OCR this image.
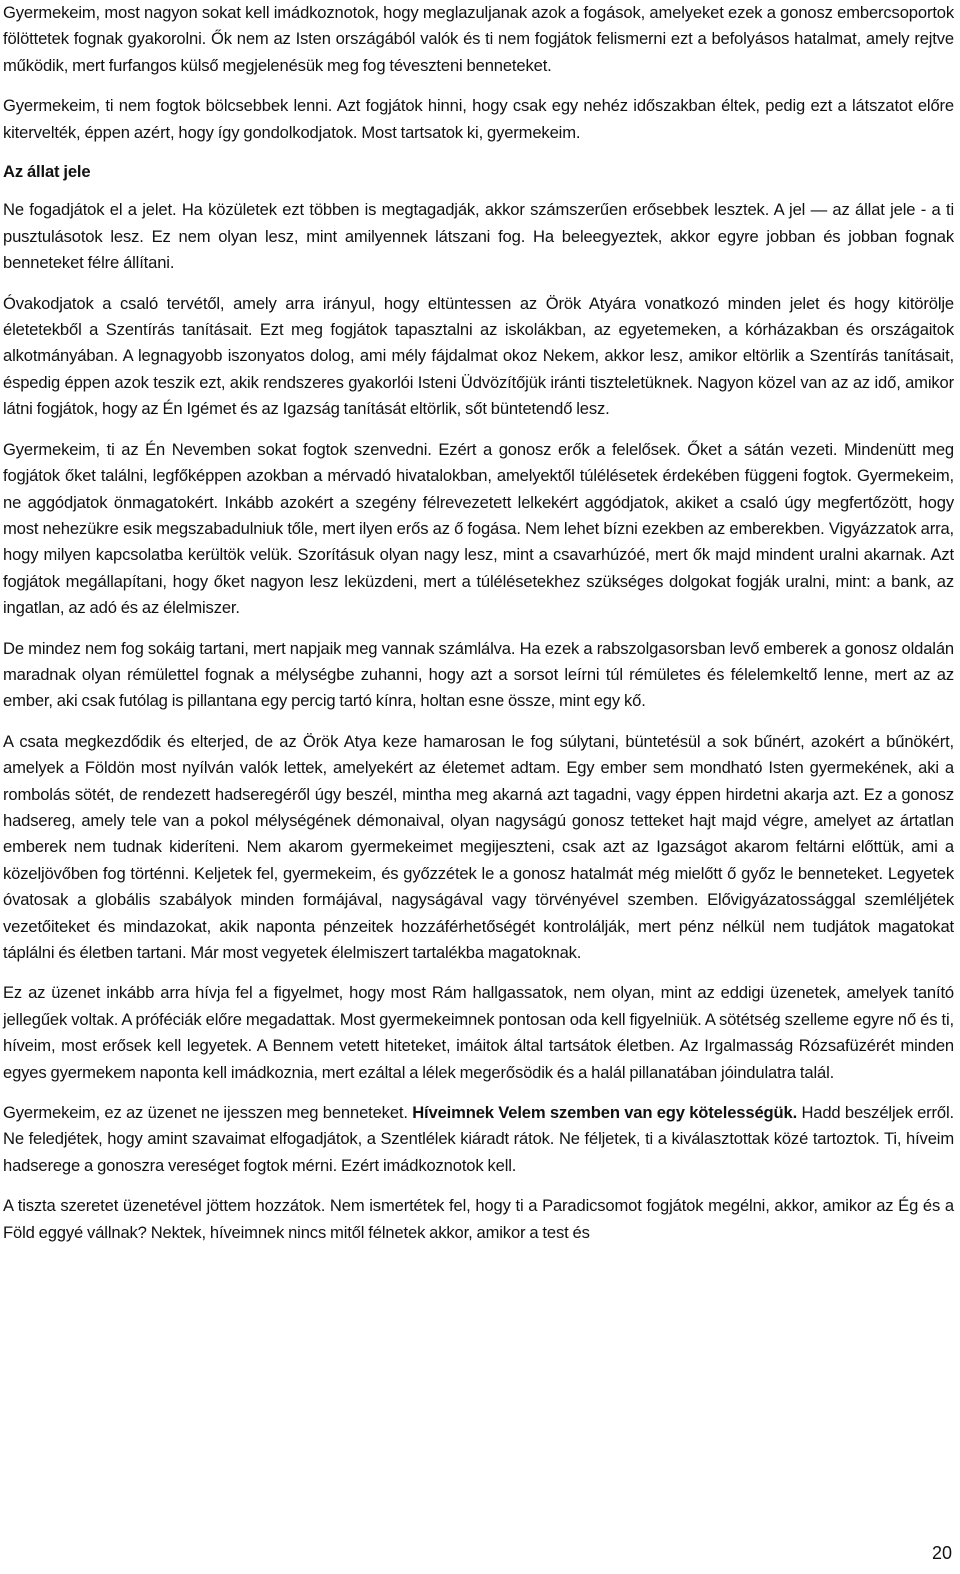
Gyermekeim, most nagyon sokat kell imádkoznotok, hogy meglazuljanak azok a fogások, amelyeket ezek a gonosz embercsoportok fölöttetek fognak gyakorolni. Ők nem az Isten országából valók és ti nem fogjátok felismerni ezt a befolyásos hatalmat, amely rejtve működik, mert furfangos külső megjelenésük meg fog téveszteni benneteket.

Gyermekeim, ti nem fogtok bölcsebbek lenni. Azt fogjátok hinni, hogy csak egy nehéz időszakban éltek, pedig ezt a látszatot előre kitervelték, éppen azért, hogy így gondolkodjatok. Most tartsatok ki, gyermekeim.

Az állat jele

Ne fogadjátok el a jelet. Ha közületek ezt többen is megtagadják, akkor számszerűen erősebbek lesztek. A jel — az állat jele - a ti pusztulásotok lesz. Ez nem olyan lesz, mint amilyennek látszani fog. Ha beleegyeztek, akkor egyre jobban és jobban fognak benneteket félre állítani.

Óvakodjatok a csaló tervétől, amely arra irányul, hogy eltüntessen az Örök Atyára vonatkozó minden jelet és hogy kitörölje életetekből a Szentírás tanításait. Ezt meg fogjátok tapasztalni az iskolákban, az egyetemeken, a kórházakban és országaitok alkotmányában. A legnagyobb iszonyatos dolog, ami mély fájdalmat okoz Nekem, akkor lesz, amikor eltörlik a Szentírás tanításait, éspedig éppen azok teszik ezt, akik rendszeres gyakorlói Isteni Üdvözítőjük iránti tiszteletüknek. Nagyon közel van az az idő, amikor látni fogjátok, hogy az Én Igémet és az Igazság tanítását eltörlik, sőt büntetendő lesz.

Gyermekeim, ti az Én Nevemben sokat fogtok szenvedni. Ezért a gonosz erők a felelősek. Őket a sátán vezeti. Mindenütt meg fogjátok őket találni, legfőképpen azokban a mérvadó hivatalokban, amelyektől túlélésetek érdekében függeni fogtok. Gyermekeim, ne aggódjatok önmagatokért. Inkább azokért a szegény félrevezetett lelkekért aggódjatok, akiket a csaló úgy megfertőzött, hogy most nehezükre esik megszabadulniuk tőle, mert ilyen erős az ő fogása. Nem lehet bízni ezekben az emberekben. Vigyázzatok arra, hogy milyen kapcsolatba kerültök velük. Szorításuk olyan nagy lesz, mint a csavarhúzóé, mert ők majd mindent uralni akarnak. Azt fogjátok megállapítani, hogy őket nagyon lesz leküzdeni, mert a túlélésetekhez szükséges dolgokat fogják uralni, mint: a bank, az ingatlan, az adó és az élelmiszer.

De mindez nem fog sokáig tartani, mert napjaik meg vannak számlálva. Ha ezek a rabszolgasorsban levő emberek a gonosz oldalán maradnak olyan rémülettel fognak a mélységbe zuhanni, hogy azt a sorsot leírni túl rémületes és félelemkeltő lenne, mert az az ember, aki csak futólag is pillantana egy percig tartó kínra, holtan esne össze, mint egy kő.

A csata megkezdődik és elterjed, de az Örök Atya keze hamarosan le fog súlytani, büntetésül a sok bűnért, azokért a bűnökért, amelyek a Földön most nyílván valók lettek, amelyekért az életemet adtam. Egy ember sem mondható Isten gyermekének, aki a rombolás sötét, de rendezett hadseregéről úgy beszél, mintha meg akarná azt tagadni, vagy éppen hirdetni akarja azt. Ez a gonosz hadsereg, amely tele van a pokol mélységének démonaival, olyan nagyságú gonosz tetteket hajt majd végre, amelyet az ártatlan emberek nem tudnak kideríteni. Nem akarom gyermekeimet megijeszteni, csak azt az Igazságot akarom feltárni előttük, ami a közeljövőben fog történni. Keljetek fel, gyermekeim, és győzzétek le a gonosz hatalmát még mielőtt ő győz le benneteket. Legyetek óvatosak a globális szabályok minden formájával, nagyságával vagy törvényével szemben. Elővigyázatossággal szemléljétek vezetőiteket és mindazokat, akik naponta pénzeitek hozzáférhetőségét kontrolálják, mert pénz nélkül nem tudjátok magatokat táplálni és életben tartani. Már most vegyetek élelmiszert tartalékba magatoknak.

Ez az üzenet inkább arra hívja fel a figyelmet, hogy most Rám hallgassatok, nem olyan, mint az eddigi üzenetek, amelyek tanító jellegűek voltak. A próféciák előre megadattak. Most gyermekeimnek pontosan oda kell figyelniük. A sötétség szelleme egyre nő és ti, híveim, most erősek kell legyetek. A Bennem vetett hiteteket, imáitok által tartsátok életben. Az Irgalmasság Rózsafüzérét minden egyes gyermekem naponta kell imádkoznia, mert ezáltal a lélek megerősödik és a halál pillanatában jóindulatra talál.

Gyermekeim, ez az üzenet ne ijesszen meg benneteket. Híveimnek Velem szemben van egy kötelességük. Hadd beszéljek erről. Ne feledjétek, hogy amint szavaimat elfogadjátok, a Szentlélek kiáradt rátok. Ne féljetek, ti a kiválasztottak közé tartoztok. Ti, híveim hadserege a gonoszra vereséget fogtok mérni. Ezért imádkoznotok kell.

A tiszta szeretet üzenetével jöttem hozzátok. Nem ismertétek fel, hogy ti a Paradicsomot fogjátok megélni, akkor, amikor az Ég és a Föld eggyé vállnak? Nektek, híveimnek nincs mitől félnetek akkor, amikor a test és

20
